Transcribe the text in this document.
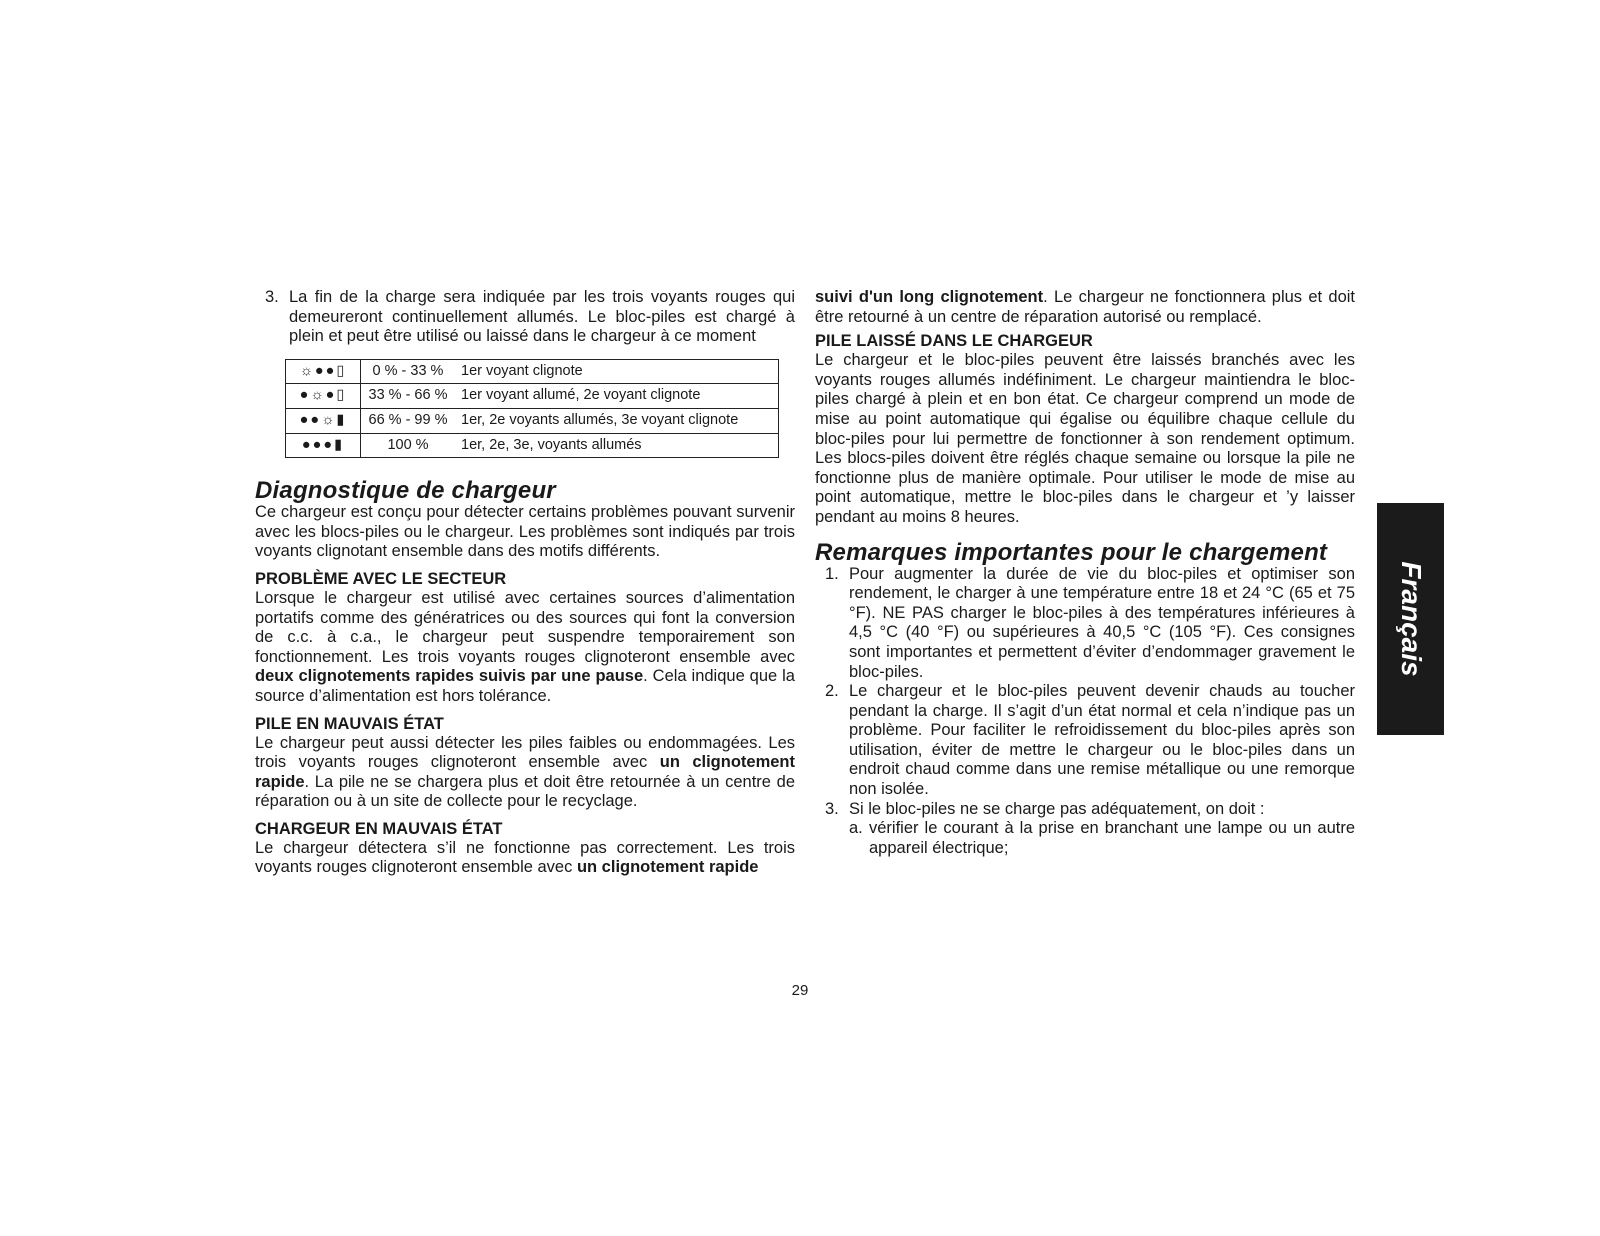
3. La fin de la charge sera indiquée par les trois voyants rouges qui demeureront continuellement allumés. Le bloc-piles est chargé à plein et peut être utilisé ou laissé dans le chargeur à ce moment
☼●●▯	0 % - 33 %	1er voyant clignote
●☼●▯	33 % - 66 %	1er voyant allumé, 2e voyant clignote
●●☼▮	66 % - 99 %	1er, 2e voyants allumés, 3e voyant clignote
●●●▮	100 %	1er, 2e, 3e, voyants allumés
Diagnostique de chargeur

Ce chargeur est conçu pour détecter certains problèmes pouvant survenir avec les blocs-piles ou le chargeur. Les problèmes sont indiqués par trois voyants clignotant ensemble dans des motifs différents.

PROBLÈME AVEC LE SECTEUR

Lorsque le chargeur est utilisé avec certaines sources d’alimentation portatifs comme des génératrices ou des sources qui font la conversion de c.c. à c.a., le chargeur peut suspendre temporairement son fonctionnement. Les trois voyants rouges clignoteront ensemble avec deux clignotements rapides suivis par une pause. Cela indique que la source d’alimentation est hors tolérance.

PILE EN MAUVAIS ÉTAT

Le chargeur peut aussi détecter les piles faibles ou endommagées. Les trois voyants rouges clignoteront ensemble avec un clignotement rapide. La pile ne se chargera plus et doit être retournée à un centre de réparation ou à un site de collecte pour le recyclage.

CHARGEUR EN MAUVAIS ÉTAT

Le chargeur détectera s’il ne fonctionne pas correctement. Les trois voyants rouges clignoteront ensemble avec un clignotement rapide

suivi d'un long clignotement. Le chargeur ne fonctionnera plus et doit être retourné à un centre de réparation autorisé ou remplacé.

PILE LAISSÉ DANS LE CHARGEUR

Le chargeur et le bloc-piles peuvent être laissés branchés avec les voyants rouges allumés indéfiniment. Le chargeur maintiendra le bloc-piles chargé à plein et en bon état. Ce chargeur comprend un mode de mise au point automatique qui égalise ou équilibre chaque cellule du bloc-piles pour lui permettre de fonctionner à son rendement optimum. Les blocs-piles doivent être réglés chaque semaine ou lorsque la pile ne fonctionne plus de manière optimale. Pour utiliser le mode de mise au point automatique, mettre le bloc-piles dans le chargeur et ’y laisser pendant au moins 8 heures.

Remarques importantes pour le chargement
1. Pour augmenter la durée de vie du bloc-piles et optimiser son rendement, le charger à une température entre 18 et 24 °C (65 et 75 °F). NE PAS charger le bloc-piles à des températures inférieures à 4,5 °C (40 °F) ou supérieures à 40,5 °C (105 °F). Ces consignes sont importantes et permettent d’éviter d’endommager gravement le bloc-piles.
2. Le chargeur et le bloc-piles peuvent devenir chauds au toucher pendant la charge. Il s’agit d’un état normal et cela n’indique pas un problème. Pour faciliter le refroidissement du bloc-piles après son utilisation, éviter de mettre le chargeur ou le bloc-piles dans un endroit chaud comme dans une remise métallique ou une remorque non isolée.
3. Si le bloc-piles ne se charge pas adéquatement, on doit :
a. vérifier le courant à la prise en branchant une lampe ou un autre appareil électrique;
Français
29
